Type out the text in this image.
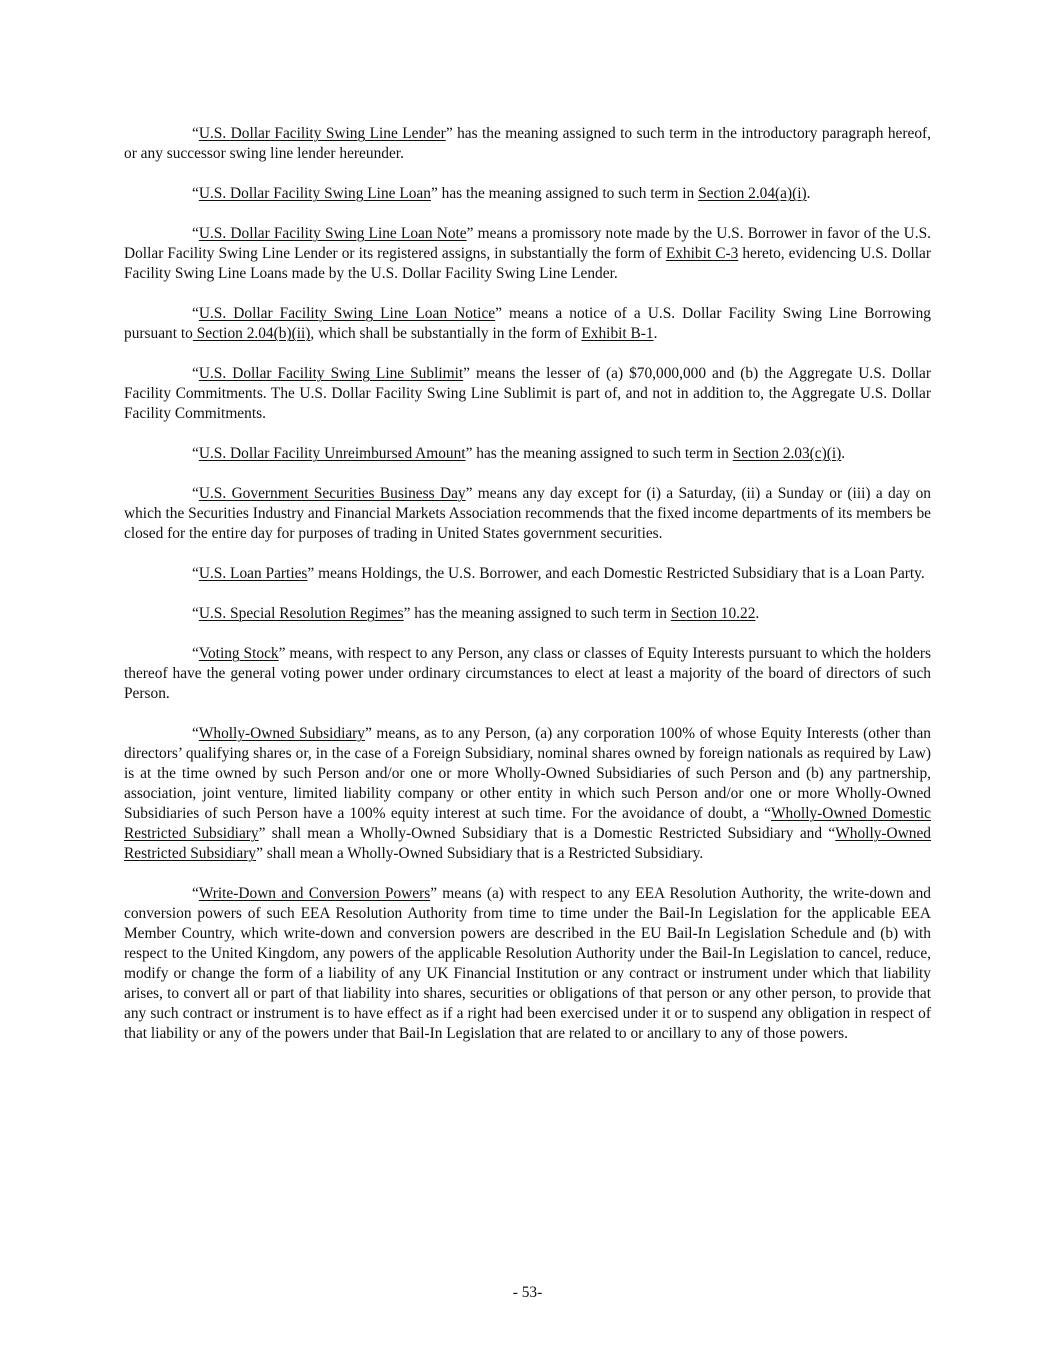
“U.S. Dollar Facility Swing Line Lender” has the meaning assigned to such term in the introductory paragraph hereof, or any successor swing line lender hereunder.

“U.S. Dollar Facility Swing Line Loan” has the meaning assigned to such term in Section 2.04(a)(i).

“U.S. Dollar Facility Swing Line Loan Note” means a promissory note made by the U.S. Borrower in favor of the U.S. Dollar Facility Swing Line Lender or its registered assigns, in substantially the form of Exhibit C-3 hereto, evidencing U.S. Dollar Facility Swing Line Loans made by the U.S. Dollar Facility Swing Line Lender.

“U.S. Dollar Facility Swing Line Loan Notice” means a notice of a U.S. Dollar Facility Swing Line Borrowing pursuant to Section 2.04(b)(ii), which shall be substantially in the form of Exhibit B-1.

“U.S. Dollar Facility Swing Line Sublimit” means the lesser of (a) $70,000,000 and (b) the Aggregate U.S. Dollar Facility Commitments. The U.S. Dollar Facility Swing Line Sublimit is part of, and not in addition to, the Aggregate U.S. Dollar Facility Commitments.

“U.S. Dollar Facility Unreimbursed Amount” has the meaning assigned to such term in Section 2.03(c)(i).

“U.S. Government Securities Business Day” means any day except for (i) a Saturday, (ii) a Sunday or (iii) a day on which the Securities Industry and Financial Markets Association recommends that the fixed income departments of its members be closed for the entire day for purposes of trading in United States government securities.

“U.S. Loan Parties” means Holdings, the U.S. Borrower, and each Domestic Restricted Subsidiary that is a Loan Party.

“U.S. Special Resolution Regimes” has the meaning assigned to such term in Section 10.22.

“Voting Stock” means, with respect to any Person, any class or classes of Equity Interests pursuant to which the holders thereof have the general voting power under ordinary circumstances to elect at least a majority of the board of directors of such Person.

“Wholly-Owned Subsidiary” means, as to any Person, (a) any corporation 100% of whose Equity Interests (other than directors’ qualifying shares or, in the case of a Foreign Subsidiary, nominal shares owned by foreign nationals as required by Law) is at the time owned by such Person and/or one or more Wholly-Owned Subsidiaries of such Person and (b) any partnership, association, joint venture, limited liability company or other entity in which such Person and/or one or more Wholly-Owned Subsidiaries of such Person have a 100% equity interest at such time. For the avoidance of doubt, a “Wholly-Owned Domestic Restricted Subsidiary” shall mean a Wholly-Owned Subsidiary that is a Domestic Restricted Subsidiary and “Wholly-Owned Restricted Subsidiary” shall mean a Wholly-Owned Subsidiary that is a Restricted Subsidiary.

“Write-Down and Conversion Powers” means (a) with respect to any EEA Resolution Authority, the write-down and conversion powers of such EEA Resolution Authority from time to time under the Bail-In Legislation for the applicable EEA Member Country, which write-down and conversion powers are described in the EU Bail-In Legislation Schedule and (b) with respect to the United Kingdom, any powers of the applicable Resolution Authority under the Bail-In Legislation to cancel, reduce, modify or change the form of a liability of any UK Financial Institution or any contract or instrument under which that liability arises, to convert all or part of that liability into shares, securities or obligations of that person or any other person, to provide that any such contract or instrument is to have effect as if a right had been exercised under it or to suspend any obligation in respect of that liability or any of the powers under that Bail-In Legislation that are related to or ancillary to any of those powers.

- 53-
